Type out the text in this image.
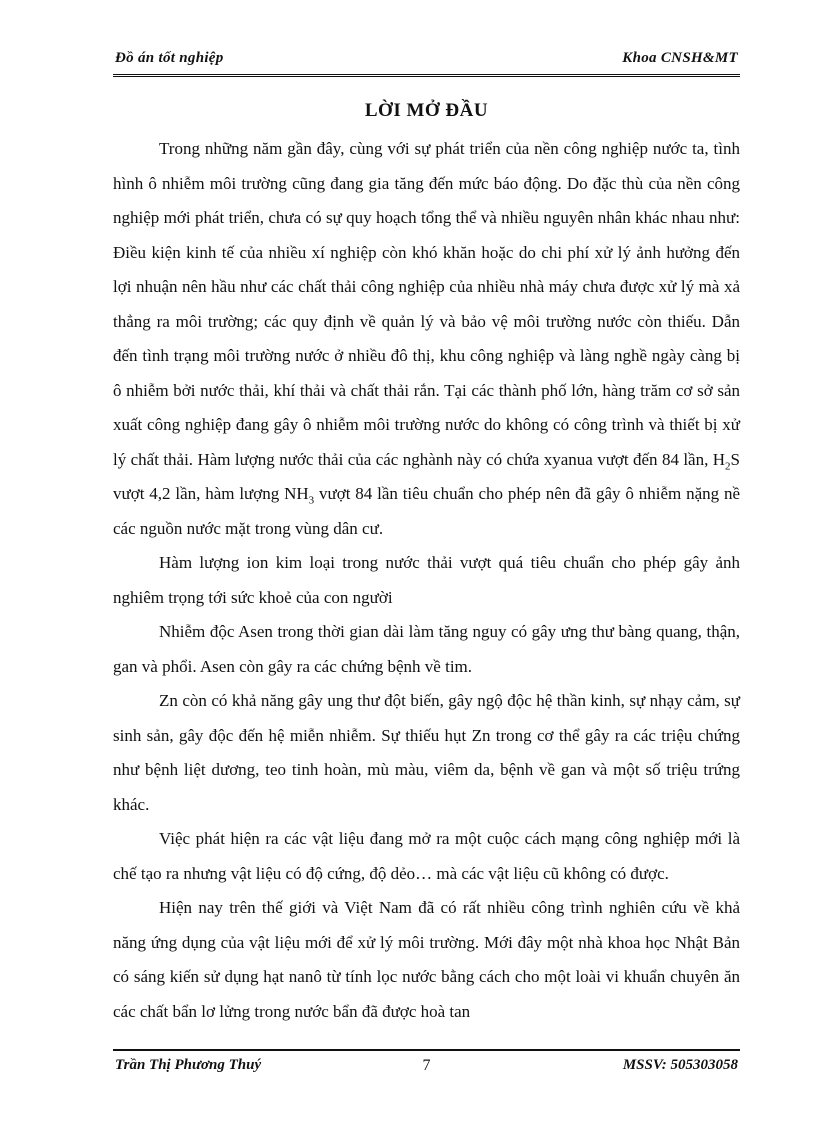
Đồ án tốt nghiệp	Khoa CNSH&MT
LỜI MỞ ĐẦU

Trong những năm gần đây, cùng với sự phát triển của nền công nghiệp nước ta, tình hình ô nhiễm môi trường cũng đang gia tăng đến mức báo động. Do đặc thù của nền công nghiệp mới phát triển, chưa có sự quy hoạch tổng thể và nhiều nguyên nhân khác nhau như: Điều kiện kinh tế của nhiều xí nghiệp còn khó khăn hoặc do chi phí xử lý ảnh hưởng đến lợi nhuận nên hầu như các chất thải công nghiệp của nhiều nhà máy chưa được xử lý mà xả thẳng ra môi trường; các quy định về quản lý và bảo vệ môi trường nước còn thiếu. Dẫn đến tình trạng môi trường nước ở nhiều đô thị, khu công nghiệp và làng nghề ngày càng bị ô nhiễm bởi nước thải, khí thải và chất thải rắn. Tại các thành phố lớn, hàng trăm cơ sở sản xuất công nghiệp đang gây ô nhiễm môi trường nước do không có công trình và thiết bị xử lý chất thải. Hàm lượng nước thải của các nghành này có chứa xyanua vượt đến 84 lần, $H_2S$ vượt 4,2 lần, hàm lượng $NH_3$ vượt 84 lần tiêu chuẩn cho phép nên đã gây ô nhiễm nặng nề các nguồn nước mặt trong vùng dân cư.

Hàm lượng ion kim loại trong nước thải vượt quá tiêu chuẩn cho phép gây ảnh nghiêm trọng tới sức khoẻ của con người

Nhiễm độc Asen trong thời gian dài làm tăng nguy có gây ưng thư bàng quang, thận, gan và phổi. Asen còn gây ra các chứng bệnh về tim.

Zn còn có khả năng gây ung thư đột biến, gây ngộ độc hệ thần kinh, sự nhạy cảm, sự sinh sản, gây độc đến hệ miễn nhiễm. Sự thiếu hụt Zn trong cơ thể gây ra các triệu chứng như bệnh liệt dương, teo tinh hoàn, mù màu, viêm da, bệnh về gan và một số triệu trứng khác.

Việc phát hiện ra các vật liệu đang mở ra một cuộc cách mạng công nghiệp mới là chế tạo ra nhưng vật liệu có độ cứng, độ dẻo… mà các vật liệu cũ không có được.

Hiện nay trên thế giới và Việt Nam đã có rất nhiều công trình nghiên cứu về khả năng ứng dụng của vật liệu mới để xử lý môi trường. Mới đây một nhà khoa học Nhật Bản có sáng kiến sử dụng hạt nanô từ tính lọc nước bằng cách cho một loài vi khuẩn chuyên ăn các chất bẩn lơ lửng trong nước bẩn đã được hoà tan

Trần Thị Phương Thuý	7	MSSV: 505303058
